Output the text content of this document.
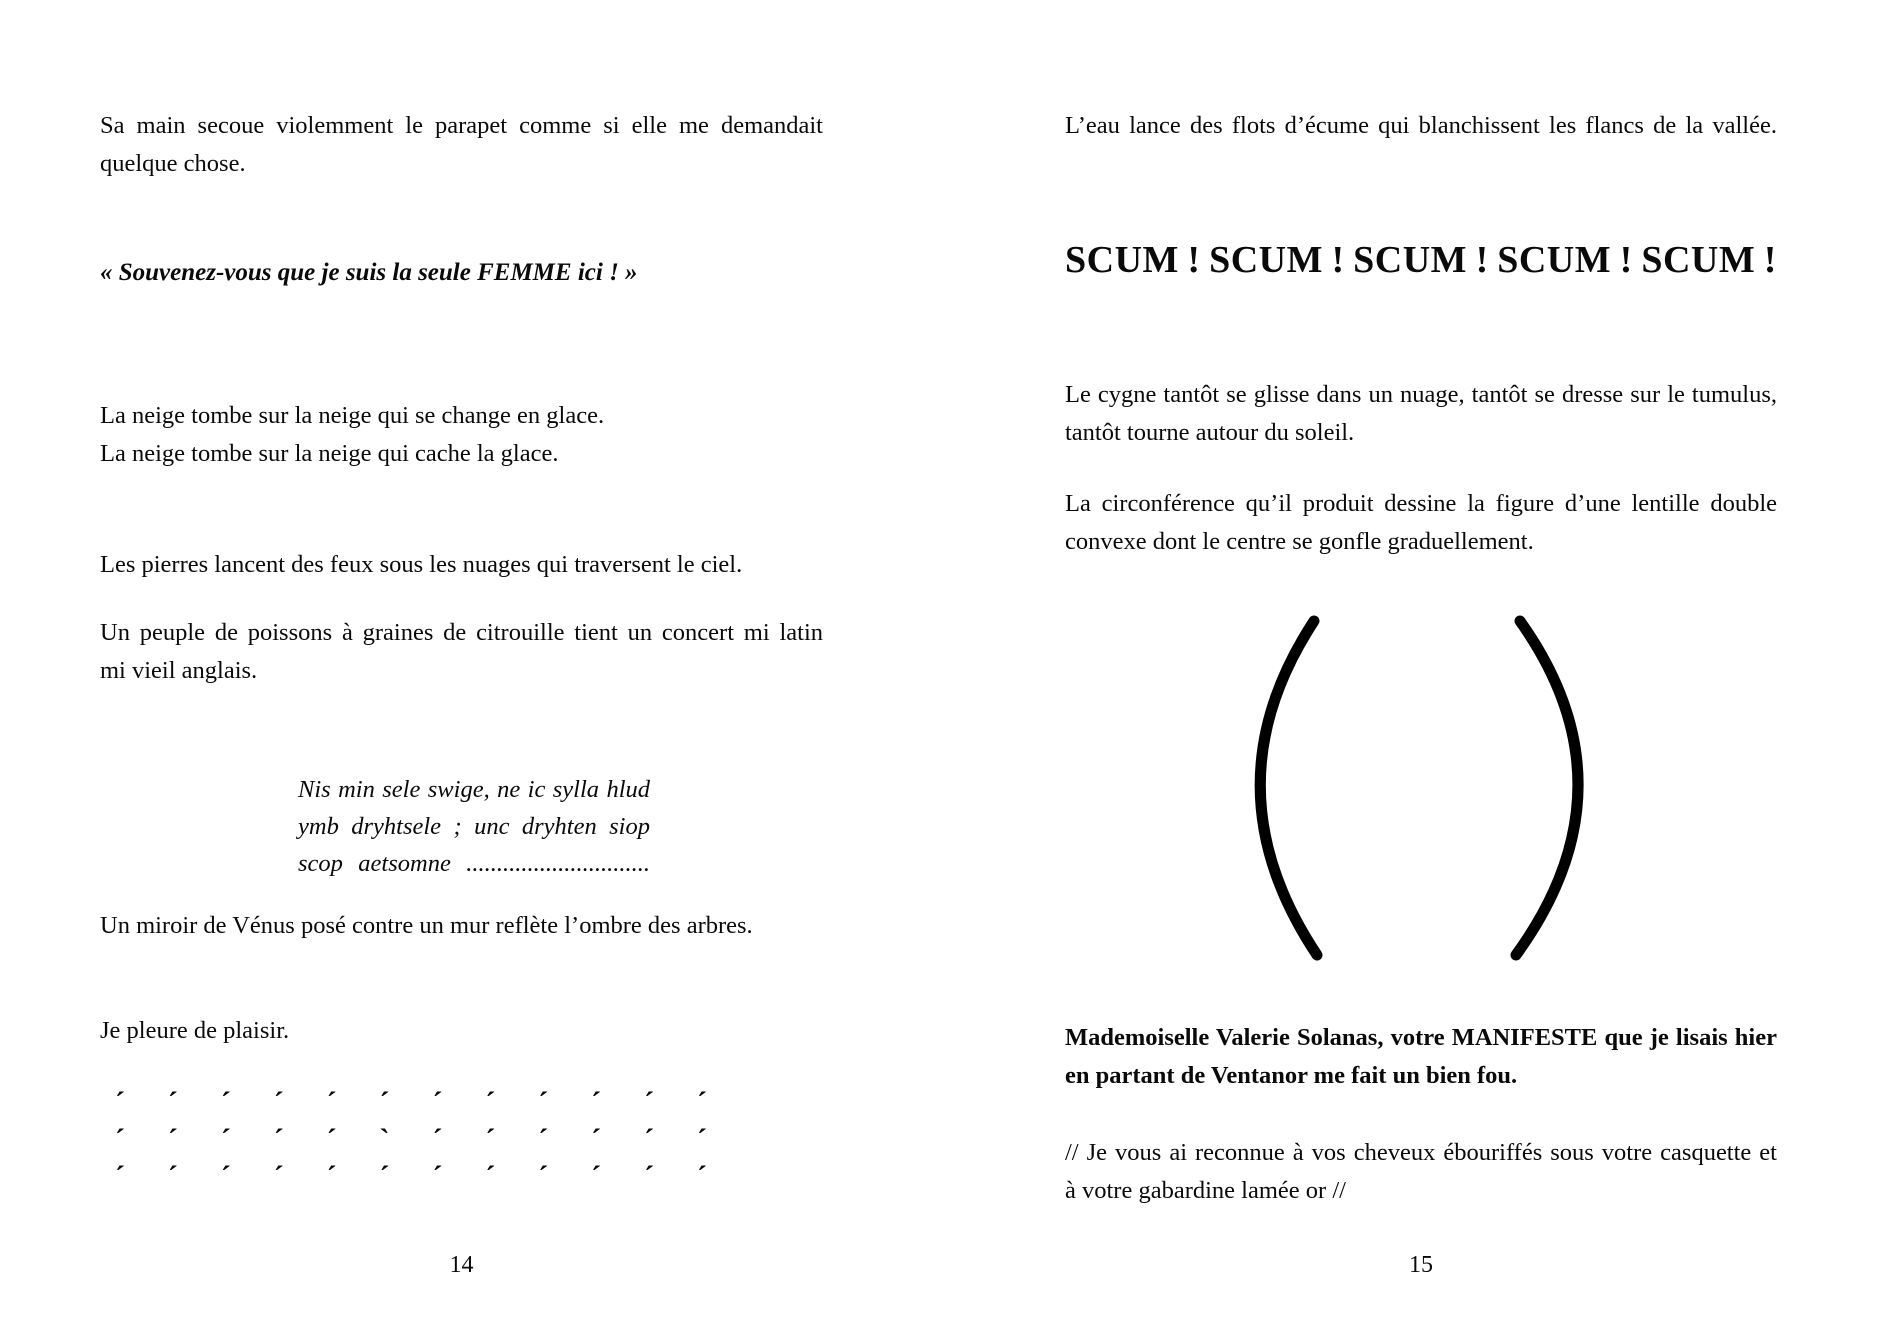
Sa main secoue violemment le parapet comme si elle me demandait
quelque chose.
« Souvenez-vous que je suis la seule FEMME ici ! »
La neige tombe sur la neige qui se change en glace.
La neige tombe sur la neige qui cache la glace.
Les pierres lancent des feux sous les nuages qui traversent le ciel.
Un peuple de poissons à graines de citrouille tient un concert mi latin
mi vieil anglais.
Nis min sele swige, ne ic sylla hlud
ymb dryhtsele ; unc dryhten siop
scop aetsomne ..............................
Un miroir de Vénus posé contre un mur reflète l’ombre des arbres.
Je pleure de plaisir.
´ ´ ´ ´ ´ ´ ´ ´ ´ ´ ´ ´
´ ´ ´ ´ ´ ` ´ ´ ´ ´ ´ ´
´ ´ ´ ´ ´ ´ ´ ´ ´ ´ ´ ´
14
L’eau lance des flots d’écume qui blanchissent les flancs de la vallée.
SCUM ! SCUM ! SCUM ! SCUM ! SCUM !
Le cygne tantôt se glisse dans un nuage, tantôt se dresse sur le tumulus,
tantôt tourne autour du soleil.
La circonférence qu’il produit dessine la figure d’une lentille double
convexe dont le centre se gonfle graduellement.
Mademoiselle Valerie Solanas, votre MANIFESTE que je lisais hier
en partant de Ventanor me fait un bien fou.
// Je vous ai reconnue à vos cheveux ébouriffés sous votre casquette et
à votre gabardine lamée or //
15
